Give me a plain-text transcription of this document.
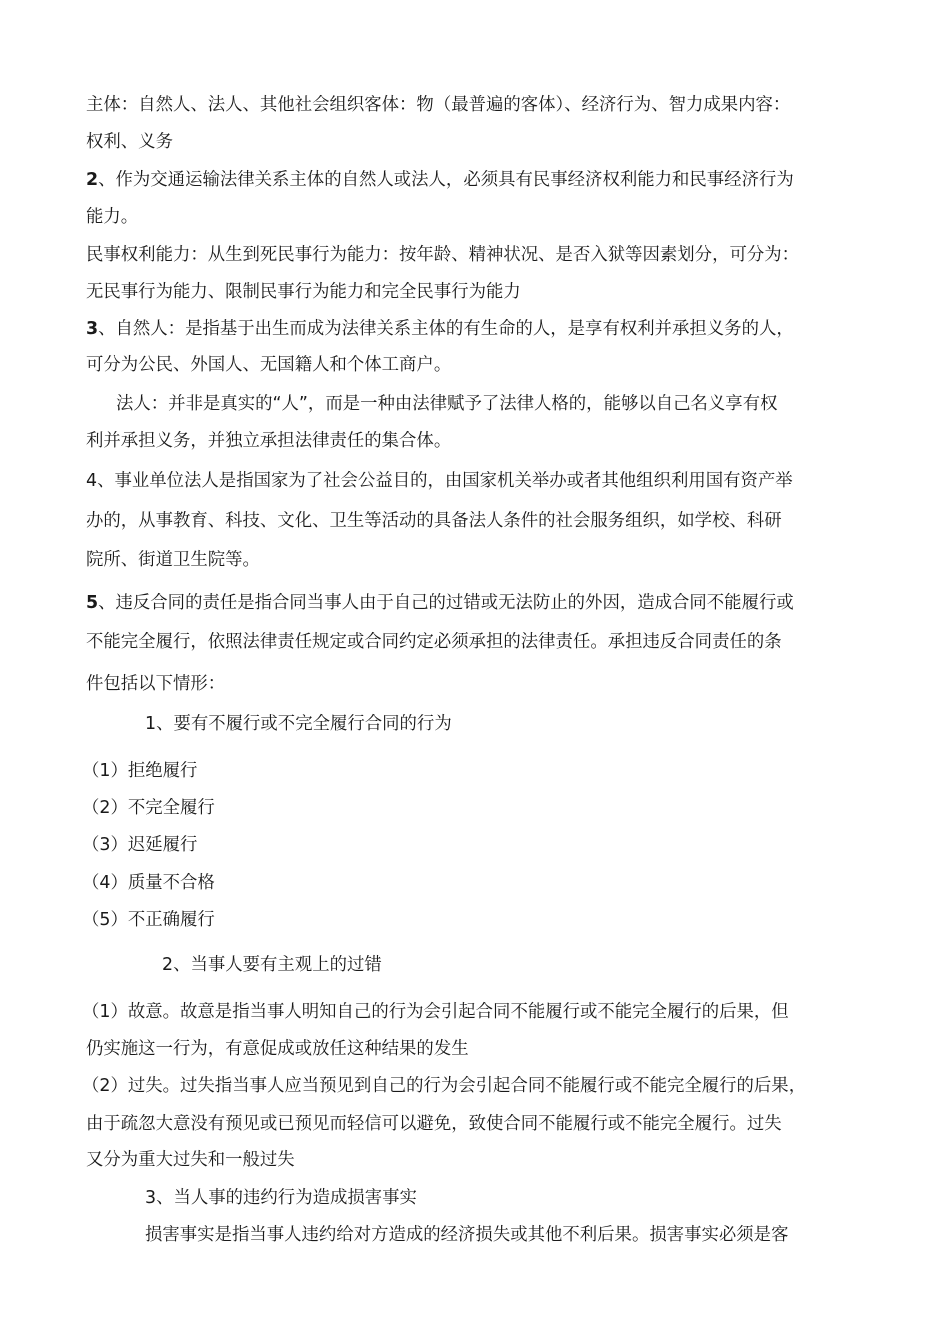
主体：自然人、法人、其他社会组织客体：物（最普遍的客体）、经济行为、智力成果内容：
权利、义务
2、作为交通运输法律关系主体的自然人或法人，必须具有民事经济权利能力和民事经济行为
能力。
民事权利能力：从生到死民事行为能力：按年龄、精神状况、是否入狱等因素划分，可分为：
无民事行为能力、限制民事行为能力和完全民事行为能力
3、自然人：是指基于出生而成为法律关系主体的有生命的人，是享有权利并承担义务的人，
可分为公民、外国人、无国籍人和个体工商户。
法人：并非是真实的“人”，而是一种由法律赋予了法律人格的，能够以自己名义享有权
利并承担义务，并独立承担法律责任的集合体。
4、事业单位法人是指国家为了社会公益目的，由国家机关举办或者其他组织利用国有资产举
办的，从事教育、科技、文化、卫生等活动的具备法人条件的社会服务组织，如学校、科研
院所、街道卫生院等。
5、违反合同的责任是指合同当事人由于自己的过错或无法防止的外因，造成合同不能履行或
不能完全履行，依照法律责任规定或合同约定必须承担的法律责任。承担违反合同责任的条
件包括以下情形：
1、要有不履行或不完全履行合同的行为
（1）拒绝履行
（2）不完全履行
（3）迟延履行
（4）质量不合格
（5）不正确履行
2、当事人要有主观上的过错
（1）故意。故意是指当事人明知自己的行为会引起合同不能履行或不能完全履行的后果，但
仍实施这一行为，有意促成或放任这种结果的发生
（2）过失。过失指当事人应当预见到自己的行为会引起合同不能履行或不能完全履行的后果，
由于疏忽大意没有预见或已预见而轻信可以避免，致使合同不能履行或不能完全履行。过失
又分为重大过失和一般过失
3、当人事的违约行为造成损害事实
损害事实是指当事人违约给对方造成的经济损失或其他不利后果。损害事实必须是客
